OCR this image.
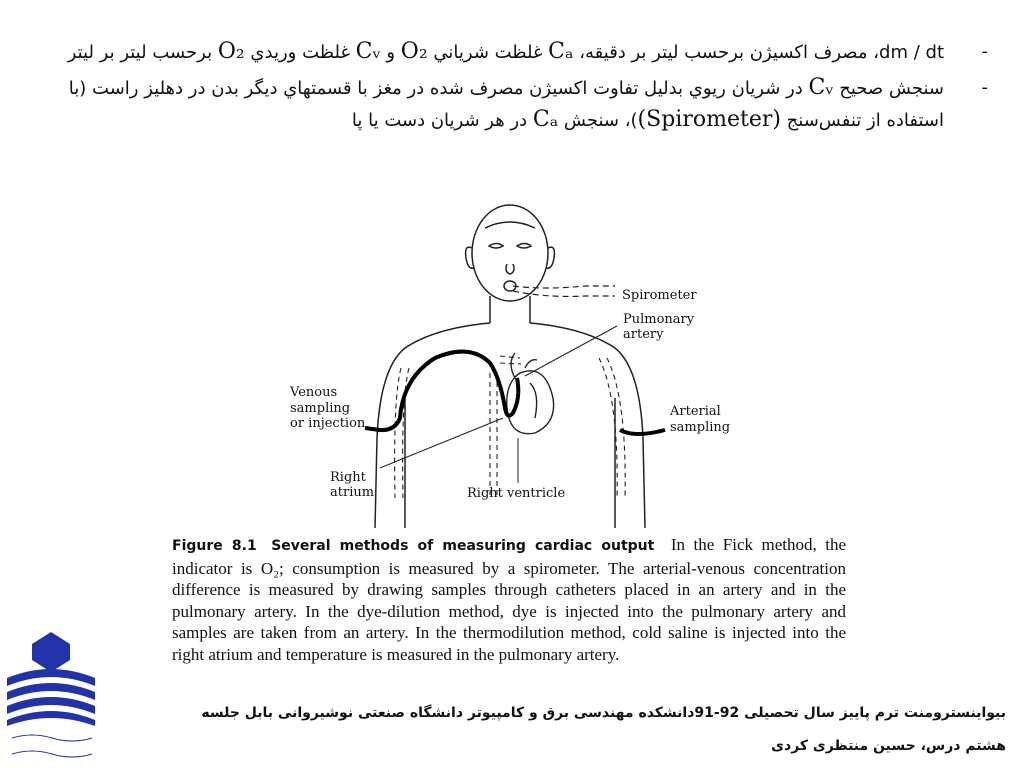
-
dm / dt، مصرف اكسيژن برحسب ليتر بر دقيقه، Cₐ غلظت شرياني O₂ و Cᵥ غلظت وريدي O₂ برحسب ليتر بر ليتر
-
سنجش صحيح Cᵥ در شريان ريوي بدليل تفاوت اكسيژن مصرف شده در مغز با قسمتهاي ديگر بدن در دهليز راست (با استفاده از تنفس‌سنج (Spirometer))، سنجش Cₐ در هر شريان دست يا پا
Spirometer
Pulmonary
artery
Venous
sampling
or injection
Arterial
sampling
Right
atrium	Right ventricle
Figure 8.1 Several methods of measuring cardiac output In the Fick method, the indicator is O₂; consumption is measured by a spirometer. The arterial-venous concentration difference is measured by drawing samples through catheters placed in an artery and in the pulmonary artery. In the dye-dilution method, dye is injected into the pulmonary artery and samples are taken from an artery. In the thermodilution method, cold saline is injected into the right atrium and temperature is measured in the pulmonary artery.
بيواينسترومنت ترم پاييز سال تحصيلی 92-91دانشكده مهندسی برق و كامپيوتر دانشگاه صنعتی نوشيروانی بابل جلسه
هشتم درس، حسين منتظری كردی
